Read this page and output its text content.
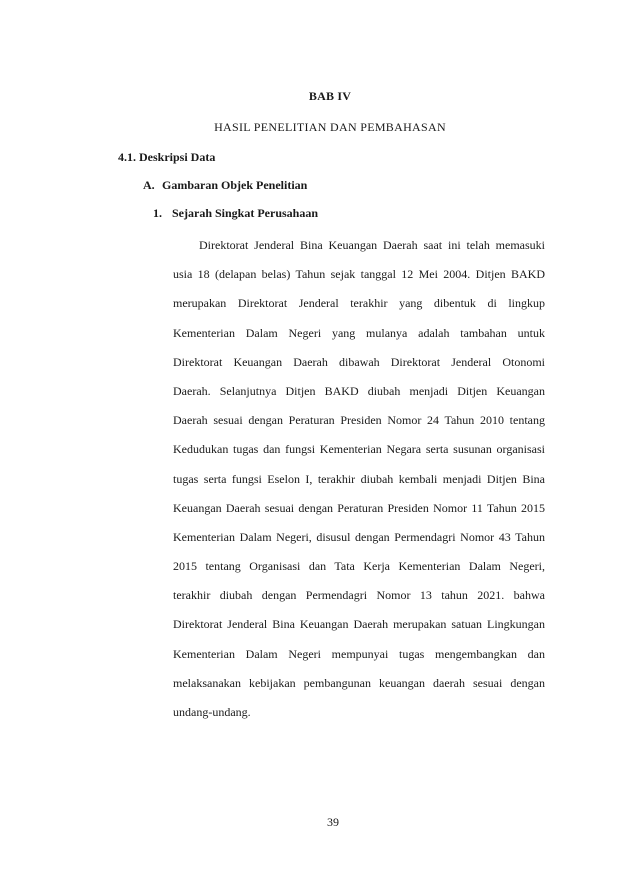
BAB IV
HASIL PENELITIAN DAN PEMBAHASAN
4.1. Deskripsi Data
A. Gambaran Objek Penelitian
1. Sejarah Singkat Perusahaan
Direktorat Jenderal Bina Keuangan Daerah saat ini telah memasuki
usia 18 (delapan belas) Tahun sejak tanggal 12 Mei 2004. Ditjen BAKD
merupakan Direktorat Jenderal terakhir yang dibentuk di lingkup
Kementerian Dalam Negeri yang mulanya adalah tambahan untuk
Direktorat Keuangan Daerah dibawah Direktorat Jenderal Otonomi
Daerah. Selanjutnya Ditjen BAKD diubah menjadi Ditjen Keuangan
Daerah sesuai dengan Peraturan Presiden Nomor 24 Tahun 2010 tentang
Kedudukan tugas dan fungsi Kementerian Negara serta susunan organisasi
tugas serta fungsi Eselon I, terakhir diubah kembali menjadi Ditjen Bina
Keuangan Daerah sesuai dengan Peraturan Presiden Nomor 11 Tahun 2015
Kementerian Dalam Negeri, disusul dengan Permendagri Nomor 43 Tahun
2015 tentang Organisasi dan Tata Kerja Kementerian Dalam Negeri,
terakhir diubah dengan Permendagri Nomor 13 tahun 2021. bahwa
Direktorat Jenderal Bina Keuangan Daerah merupakan satuan Lingkungan
Kementerian Dalam Negeri mempunyai tugas mengembangkan dan
melaksanakan kebijakan pembangunan keuangan daerah sesuai dengan
undang-undang.
39
